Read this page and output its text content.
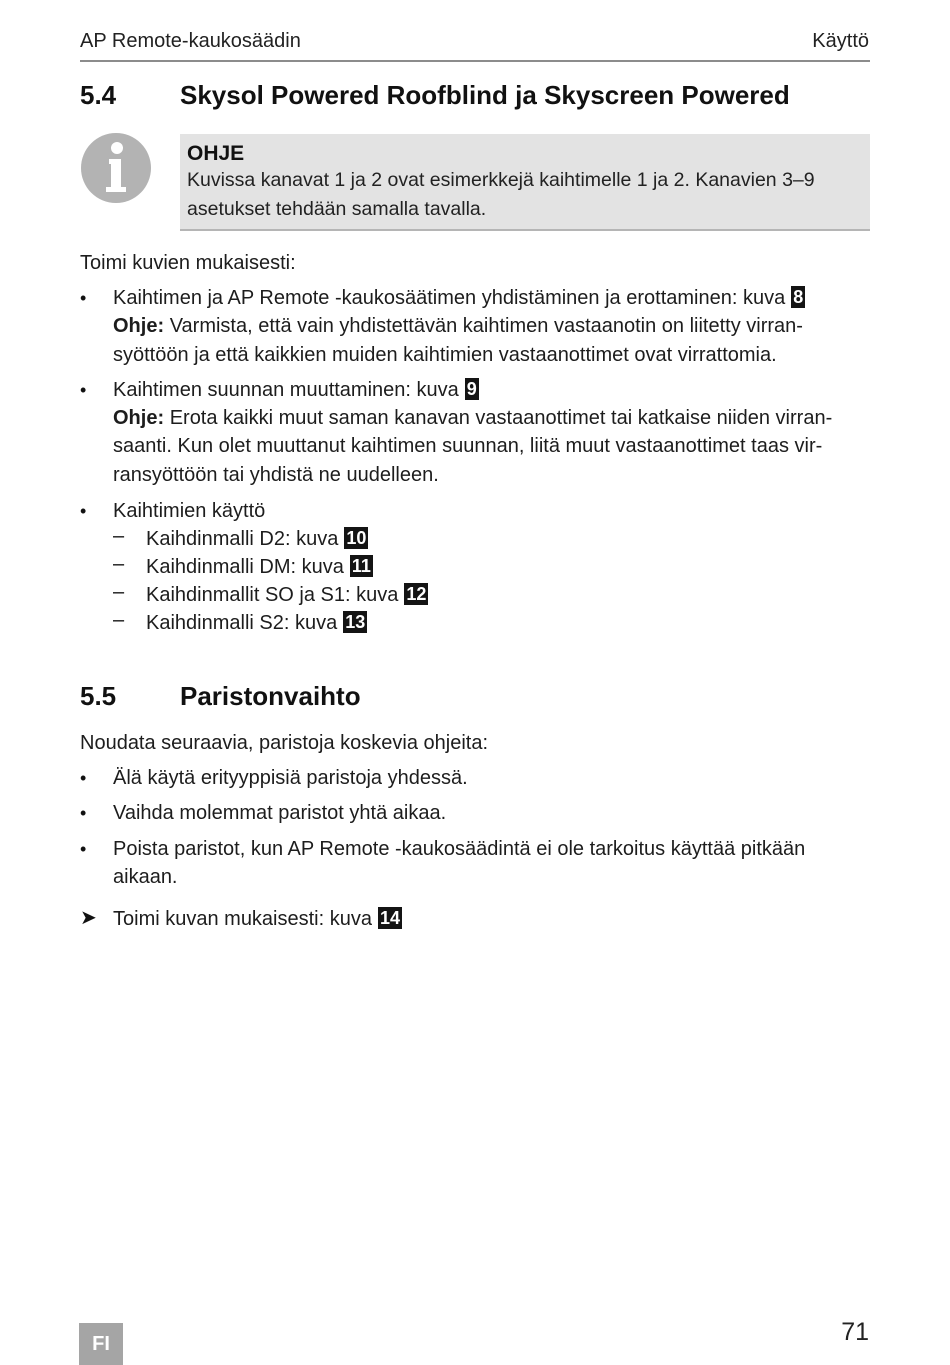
AP Remote-kaukosäädin	Käyttö
5.4 Skysol Powered Roofblind ja Skyscreen Powered
OHJE
Kuvissa kanavat 1 ja 2 ovat esimerkkejä kaihtimelle 1 ja 2. Kanavien 3–9
asetukset tehdään samalla tavalla.
Toimi kuvien mukaisesti:
• Kaihtimen ja AP Remote -kaukosäätimen yhdistäminen ja erottaminen: kuva 8
Ohje: Varmista, että vain yhdistettävän kaihtimen vastaanotin on liitetty virran-
syöttöön ja että kaikkien muiden kaihtimien vastaanottimet ovat virrattomia.
• Kaihtimen suunnan muuttaminen: kuva 9
Ohje: Erota kaikki muut saman kanavan vastaanottimet tai katkaise niiden virran-
saanti. Kun olet muuttanut kaihtimen suunnan, liitä muut vastaanottimet taas vir-
ransyöttöön tai yhdistä ne uudelleen.
• Kaihtimien käyttö
– Kaihdinmalli D2: kuva 10
– Kaihdinmalli DM: kuva 11
– Kaihdinmallit SO ja S1: kuva 12
– Kaihdinmalli S2: kuva 13
5.5 Paristonvaihto
Noudata seuraavia, paristoja koskevia ohjeita:
• Älä käytä erityyppisiä paristoja yhdessä.
• Vaihda molemmat paristot yhtä aikaa.
• Poista paristot, kun AP Remote -kaukosäädintä ei ole tarkoitus käyttää pitkään
aikaan.
➤ Toimi kuvan mukaisesti: kuva 14
FI	71
